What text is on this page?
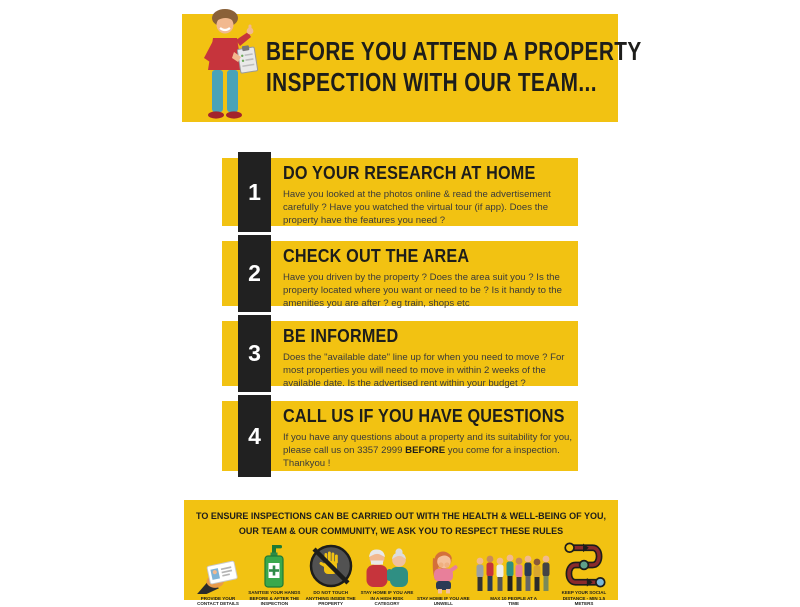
BEFORE YOU ATTEND A PROPERTY
INSPECTION WITH OUR TEAM...
1
DO YOUR RESEARCH AT HOME
Have you looked at the photos online & read the advertisement carefully ? Have you watched the virtual tour (if app). Does the property have the features you need ?
2
CHECK OUT THE AREA
Have you driven by the property ? Does the area suit you ? Is the property located where you want or need to be ? Is it handy to the amenities you are after ? eg train, shops etc
3
BE INFORMED
Does the "available date" line up for when you need to move ? For most properties you will need to move in within 2 weeks of the available date. Is the advertised rent within your budget ?
4
CALL US IF YOU HAVE QUESTIONS
If you have any questions about a property and its suitability for you, please call us on 3357 2999 BEFORE you come for a inspection. Thankyou !
TO ENSURE INSPECTIONS CAN BE CARRIED OUT WITH THE HEALTH & WELL-BEING OF YOU,
OUR TEAM & OUR COMMUNITY, WE ASK YOU TO RESPECT THESE RULES
PROVIDE YOUR CONTACT DETAILS
SANITISE YOUR HANDS BEFORE & AFTER THE INSPECTION
DO NOT TOUCH ANYTHING INSIDE THE PROPERTY
STAY HOME IF YOU ARE IN A HIGH RISK CATEGORY
STAY HOME IF YOU ARE UNWELL
MAX 10 PEOPLE AT A TIME
KEEP YOUR SOCIAL DISTANCE - MIN 1.5 METERS
